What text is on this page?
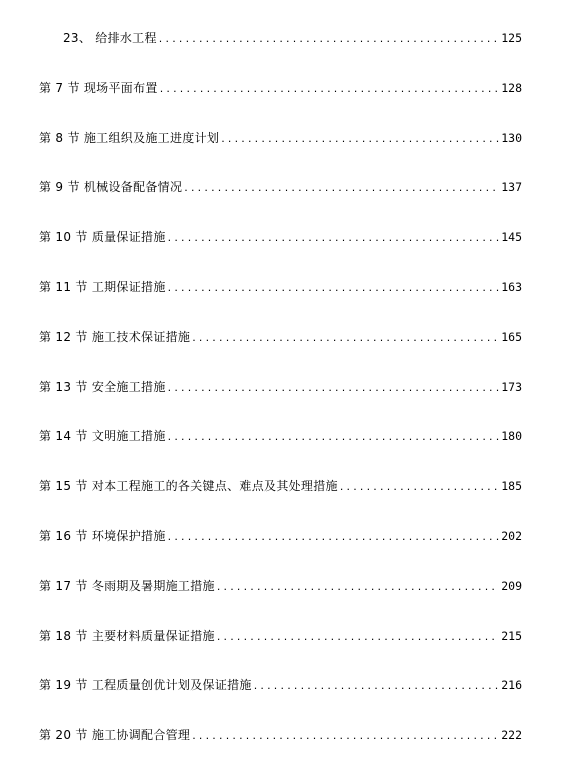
23、 给排水工程 .....	125
第 7 节 现场平面布置 .....	128
第 8 节 施工组织及施工进度计划 .....	130
第 9 节 机械设备配备情况 .....	137
第 10 节 质量保证措施 .....	145
第 11 节 工期保证措施 .....	163
第 12 节 施工技术保证措施 .....	165
第 13 节 安全施工措施 .....	173
第 14 节 文明施工措施 .....	180
第 15 节 对本工程施工的各关键点、难点及其处理措施 .....	185
第 16 节 环境保护措施 .....	202
第 17 节 冬雨期及暑期施工措施 .....	209
第 18 节 主要材料质量保证措施 .....	215
第 19 节 工程质量创优计划及保证措施 .....	216
第 20 节 施工协调配合管理 .....	222
